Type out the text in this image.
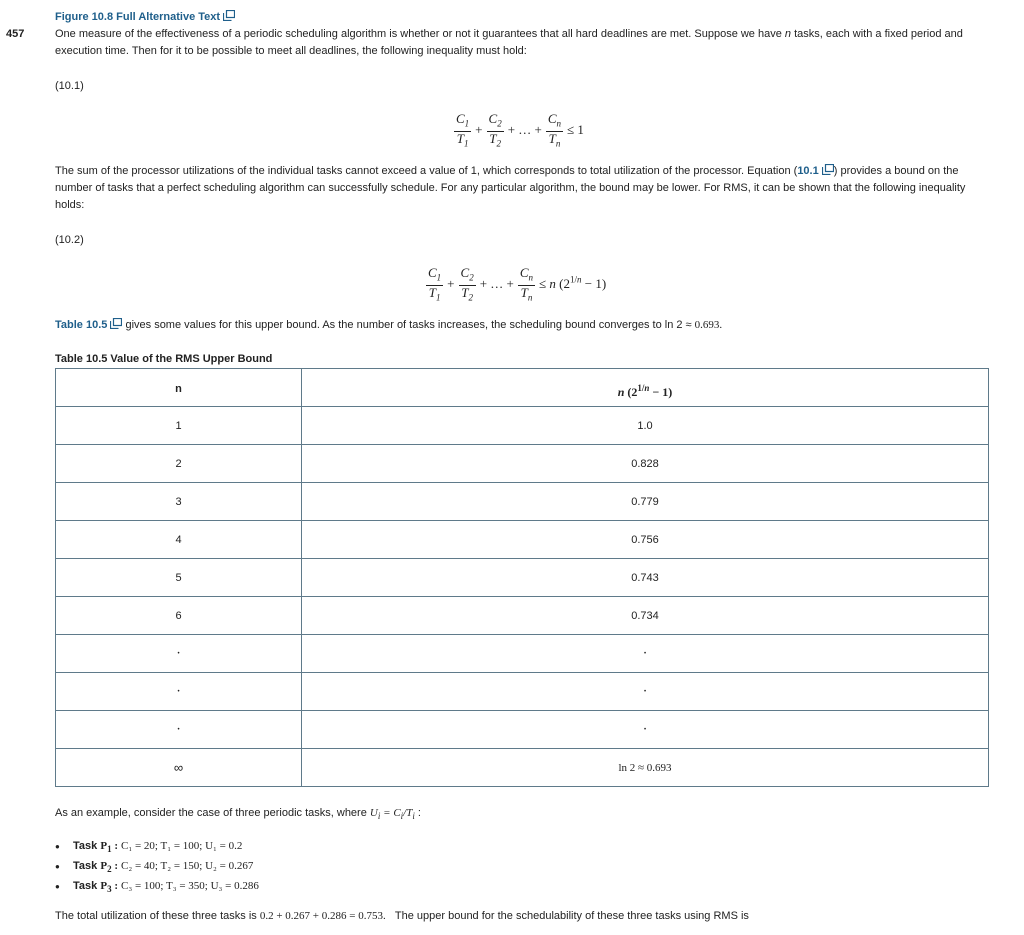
457
Figure 10.8 Full Alternative Text
One measure of the effectiveness of a periodic scheduling algorithm is whether or not it guarantees that all hard deadlines are met. Suppose we have n tasks, each with a fixed period and execution time. Then for it to be possible to meet all deadlines, the following inequality must hold:
(10.1)
$\frac{C_1}{T_1} + \frac{C_2}{T_2}$ + … + $\frac{C_n}{T_n} \le 1$
The sum of the processor utilizations of the individual tasks cannot exceed a value of 1, which corresponds to total utilization of the processor. Equation (10.1 ) provides a bound on the number of tasks that a perfect scheduling algorithm can successfully schedule. For any particular algorithm, the bound may be lower. For RMS, it can be shown that the following inequality holds:
(10.2)
$\frac{C_1}{T_1} + \frac{C_2}{T_2}$ + … + $\frac{C_n}{T_n} \le n$ $(2^{1/n} - 1)$
Table 10.5 gives some values for this upper bound. As the number of tasks increases, the scheduling bound converges to ln 2 ≈ 0.693.
Table 10.5 Value of the RMS Upper Bound
n	n $(2^{1/n} - 1)$
1	1.0
2	0.828
3	0.779
4	0.756
5	0.743
6	0.734
•	•
•	•
•	•
∞	ln 2 ≈ 0.693
As an example, consider the case of three periodic tasks, where $U_i = C_i/T_i$ :
● Task $P_1$ : C₁ = 20; T₁ = 100; U₁ = 0.2
● Task $P_2$ : C₂ = 40; T₂ = 150; U₂ = 0.267
● Task $P_3$ : C₃ = 100; T₃ = 350; U₃ = 0.286
The total utilization of these three tasks is 0.2 + 0.267 + 0.286 = 0.753. The upper bound for the schedulability of these three tasks using RMS is
